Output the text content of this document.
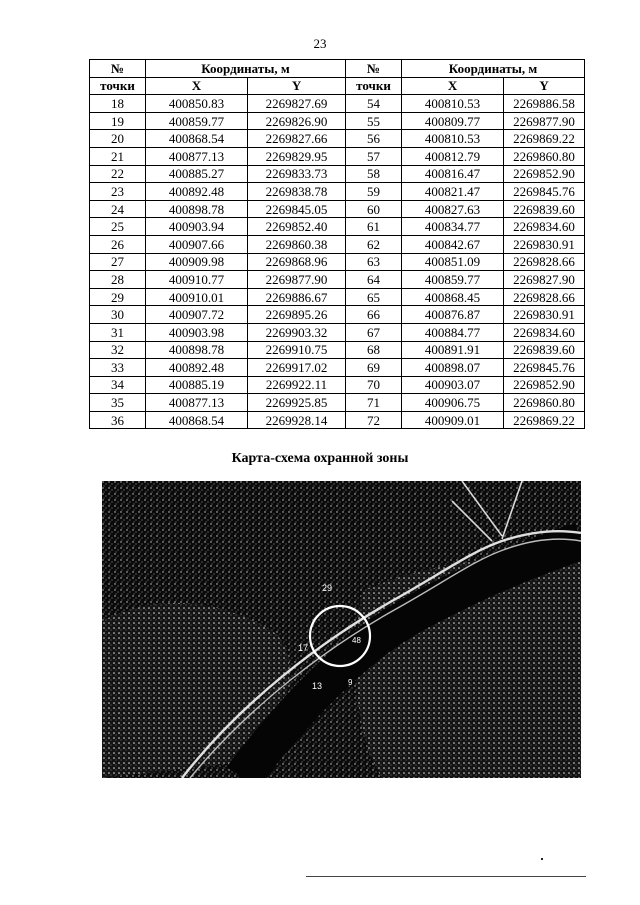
23
№	Координаты, м		№	Координаты, м	
точки	X	Y	точки	X	Y
18	400850.83	2269827.69	54	400810.53	2269886.58
19	400859.77	2269826.90	55	400809.77	2269877.90
20	400868.54	2269827.66	56	400810.53	2269869.22
21	400877.13	2269829.95	57	400812.79	2269860.80
22	400885.27	2269833.73	58	400816.47	2269852.90
23	400892.48	2269838.78	59	400821.47	2269845.76
24	400898.78	2269845.05	60	400827.63	2269839.60
25	400903.94	2269852.40	61	400834.77	2269834.60
26	400907.66	2269860.38	62	400842.67	2269830.91
27	400909.98	2269868.96	63	400851.09	2269828.66
28	400910.77	2269877.90	64	400859.77	2269827.90
29	400910.01	2269886.67	65	400868.45	2269828.66
30	400907.72	2269895.26	66	400876.87	2269830.91
31	400903.98	2269903.32	67	400884.77	2269834.60
32	400898.78	2269910.75	68	400891.91	2269839.60
33	400892.48	2269917.02	69	400898.07	2269845.76
34	400885.19	2269922.11	70	400903.07	2269852.90
35	400877.13	2269925.85	71	400906.75	2269860.80
36	400868.54	2269928.14	72	400909.01	2269869.22
Карта-схема охранной зоны
29
13
17
48
9
